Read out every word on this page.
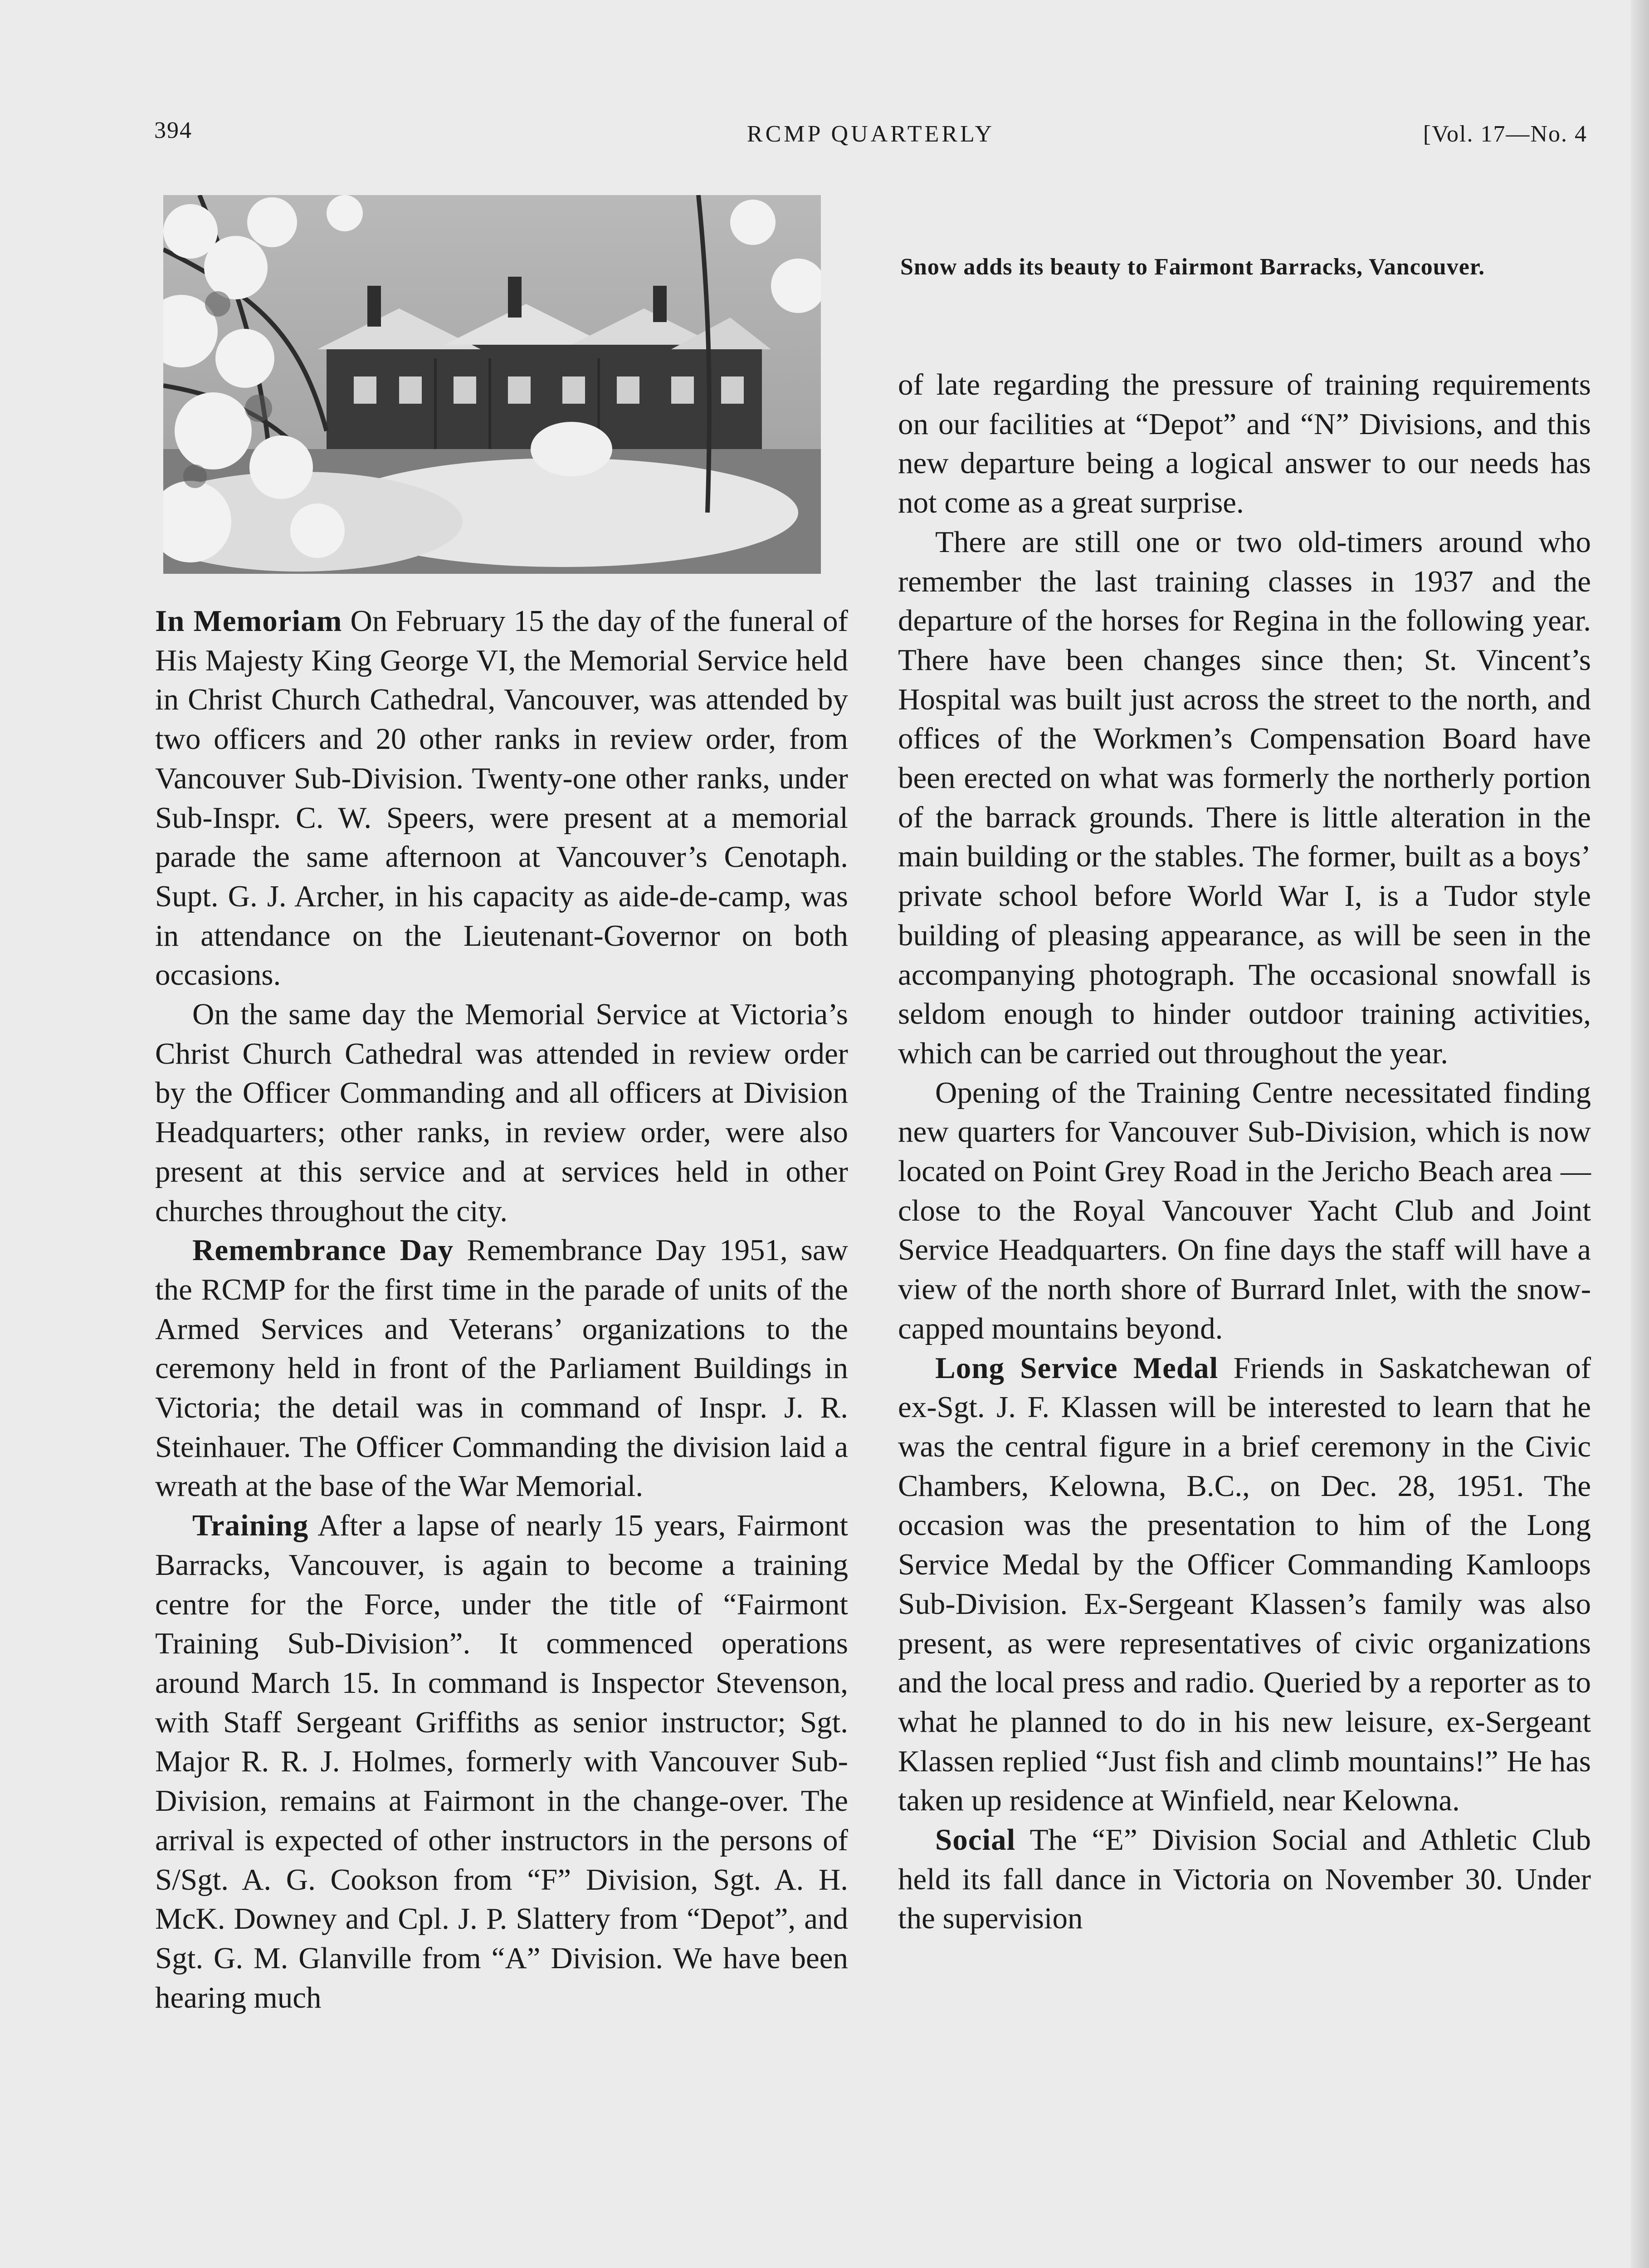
394	RCMP QUARTERLY	[Vol. 17—No. 4
Snow adds its beauty to Fairmont Barracks, Vancouver.

In Memoriam On February 15 the day of the funeral of His Majesty King George VI, the Memorial Service held in Christ Church Cathedral, Vancouver, was attended by two officers and 20 other ranks in review order, from Vancouver Sub-Division. Twenty-one other ranks, under Sub-Inspr. C. W. Speers, were present at a memorial parade the same afternoon at Vancouver’s Cenotaph. Supt. G. J. Archer, in his capacity as aide-de-camp, was in attendance on the Lieutenant-Governor on both occasions.

On the same day the Memorial Service at Victoria’s Christ Church Cathedral was attended in review order by the Officer Commanding and all officers at Division Headquarters; other ranks, in review order, were also present at this service and at services held in other churches throughout the city.

Remembrance Day Remembrance Day 1951, saw the RCMP for the first time in the parade of units of the Armed Services and Veterans’ organizations to the ceremony held in front of the Parliament Buildings in Victoria; the detail was in command of Inspr. J. R. Steinhauer. The Officer Commanding the division laid a wreath at the base of the War Memorial.

Training After a lapse of nearly 15 years, Fairmont Barracks, Vancouver, is again to become a training centre for the Force, under the title of “Fairmont Training Sub-Division”. It commenced operations around March 15. In command is Inspector Stevenson, with Staff Sergeant Griffiths as senior instructor; Sgt. Major R. R. J. Holmes, formerly with Vancouver Sub-Division, remains at Fairmont in the change-over. The arrival is expected of other instructors in the persons of S/Sgt. A. G. Cookson from “F” Division, Sgt. A. H. McK. Downey and Cpl. J. P. Slattery from “Depot”, and Sgt. G. M. Glanville from “A” Division. We have been hearing much

of late regarding the pressure of training requirements on our facilities at “Depot” and “N” Divisions, and this new departure being a logical answer to our needs has not come as a great surprise.

There are still one or two old-timers around who remember the last training classes in 1937 and the departure of the horses for Regina in the following year. There have been changes since then; St. Vincent’s Hospital was built just across the street to the north, and offices of the Workmen’s Compensation Board have been erected on what was formerly the northerly portion of the barrack grounds. There is little alteration in the main building or the stables. The former, built as a boys’ private school before World War I, is a Tudor style building of pleasing appearance, as will be seen in the accompanying photograph. The occasional snowfall is seldom enough to hinder outdoor training activities, which can be carried out throughout the year.

Opening of the Training Centre necessitated finding new quarters for Vancouver Sub-Division, which is now located on Point Grey Road in the Jericho Beach area —close to the Royal Vancouver Yacht Club and Joint Service Headquarters. On fine days the staff will have a view of the north shore of Burrard Inlet, with the snow-capped mountains beyond.

Long Service Medal Friends in Saskatchewan of ex-Sgt. J. F. Klassen will be interested to learn that he was the central figure in a brief ceremony in the Civic Chambers, Kelowna, B.C., on Dec. 28, 1951. The occasion was the presentation to him of the Long Service Medal by the Officer Commanding Kamloops Sub-Division. Ex-Sergeant Klassen’s family was also present, as were representatives of civic organizations and the local press and radio. Queried by a reporter as to what he planned to do in his new leisure, ex-Sergeant Klassen replied “Just fish and climb mountains!” He has taken up residence at Winfield, near Kelowna.

Social The “E” Division Social and Athletic Club held its fall dance in Victoria on November 30. Under the supervision
